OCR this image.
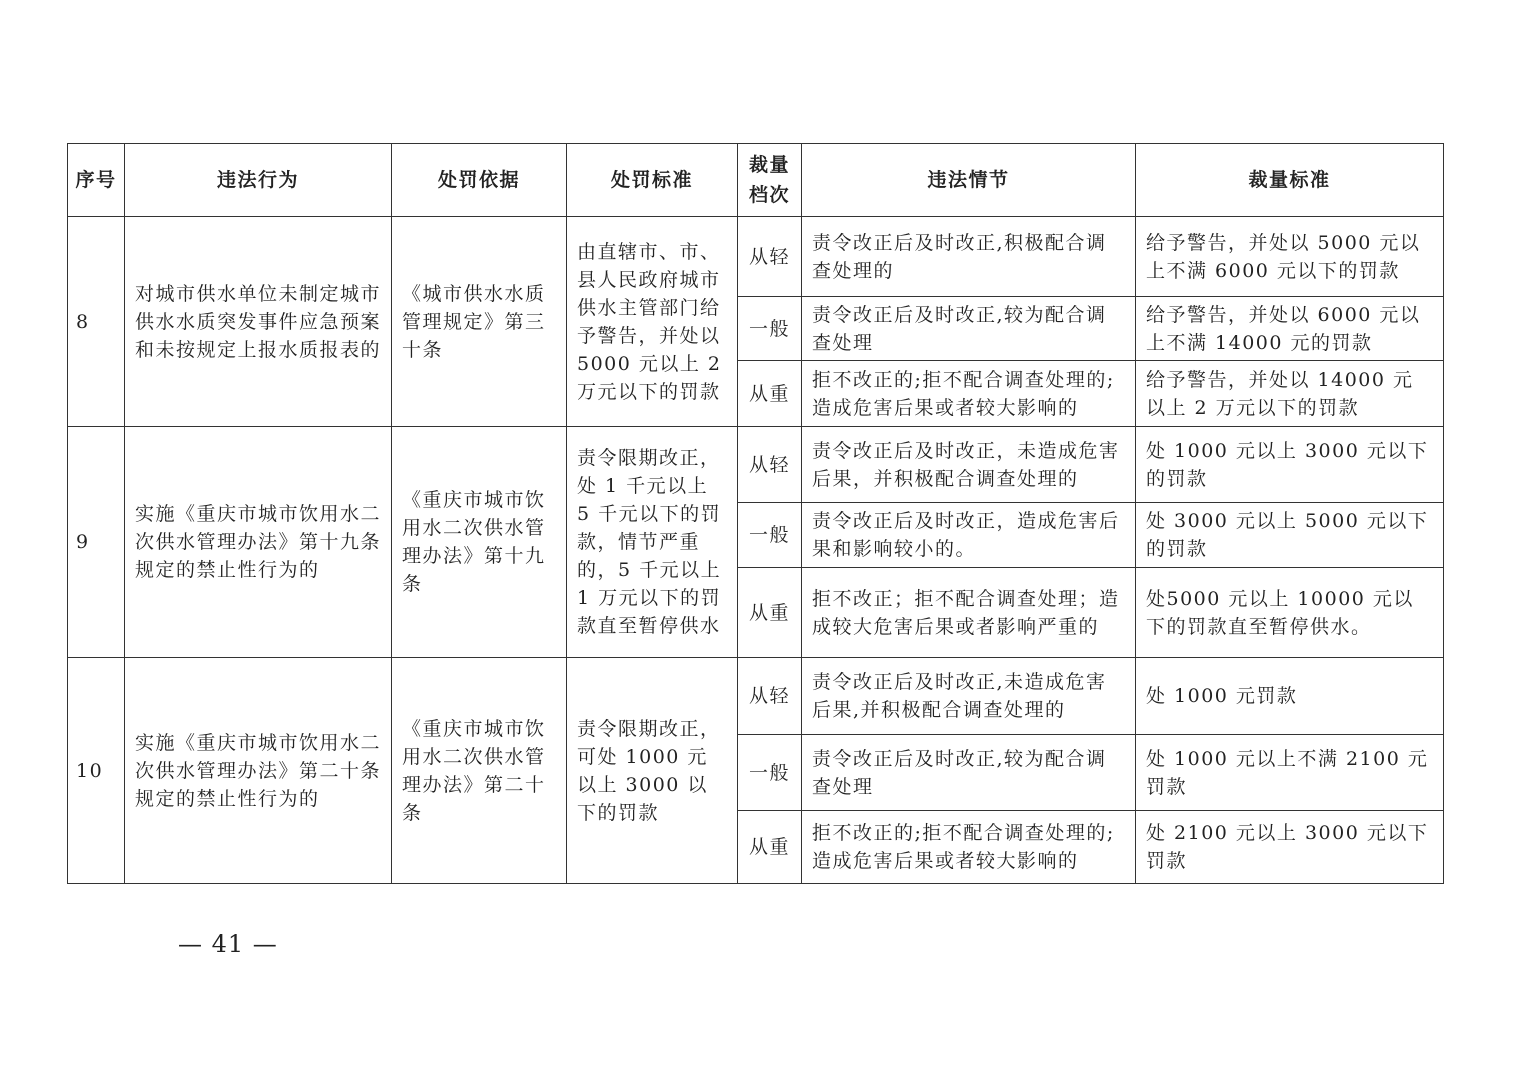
序号	违法行为	处罚依据	处罚标准	裁量档次	违法情节	裁量标准
8	对城市供水单位未制定城市供水水质突发事件应急预案和未按规定上报水质报表的	《城市供水水质管理规定》第三十条	由直辖市、市、县人民政府城市供水主管部门给予警告，并处以 5000 元以上 2 万元以下的罚款	从轻	责令改正后及时改正,积极配合调查处理的	给予警告，并处以 5000 元以上不满 6000 元以下的罚款
				一般	责令改正后及时改正,较为配合调查处理	给予警告，并处以 6000 元以上不满 14000 元的罚款
				从重	拒不改正的;拒不配合调查处理的;造成危害后果或者较大影响的	给予警告，并处以 14000 元以上 2 万元以下的罚款
9	实施《重庆市城市饮用水二次供水管理办法》第十九条规定的禁止性行为的	《重庆市城市饮用水二次供水管理办法》第十九条	责令限期改正，处 1 千元以上 5 千元以下的罚款，情节严重的，5 千元以上 1 万元以下的罚款直至暂停供水	从轻	责令改正后及时改正，未造成危害后果，并积极配合调查处理的	处 1000 元以上 3000 元以下的罚款
				一般	责令改正后及时改正，造成危害后果和影响较小的。	处 3000 元以上 5000 元以下的罚款
				从重	拒不改正；拒不配合调查处理；造成较大危害后果或者影响严重的	处5000 元以上 10000 元以下的罚款直至暂停供水。
10	实施《重庆市城市饮用水二次供水管理办法》第二十条规定的禁止性行为的	《重庆市城市饮用水二次供水管理办法》第二十条	责令限期改正，可处 1000 元以上 3000 以下的罚款	从轻	责令改正后及时改正,未造成危害后果,并积极配合调查处理的	处 1000 元罚款
				一般	责令改正后及时改正,较为配合调查处理	处 1000 元以上不满 2100 元罚款
				从重	拒不改正的;拒不配合调查处理的;造成危害后果或者较大影响的	处 2100 元以上 3000 元以下罚款
— 41 —
